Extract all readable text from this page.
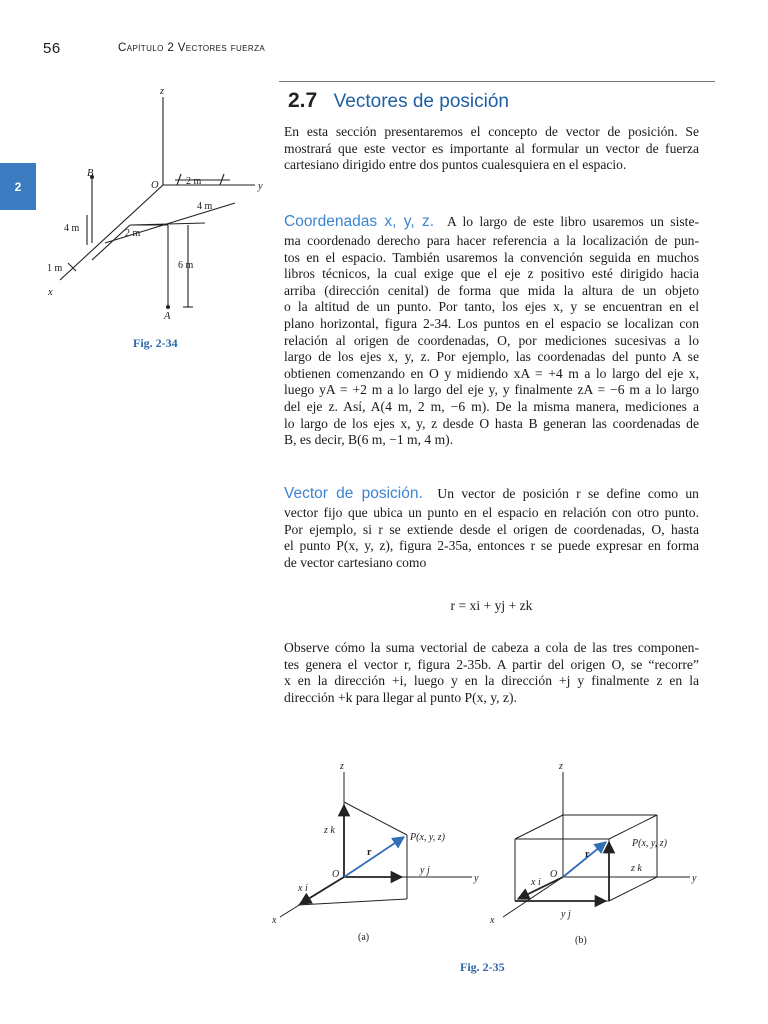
56	Capítulo 2 Vectores fuerza
2
2.7 Vectores de posición
En esta sección presentaremos el concepto de vector de posición. Se
mostrará que este vector es importante al formular un vector de fuerza
cartesiano dirigido entre dos puntos cualesquiera en el espacio.
Coordenadas x, y, z. A lo largo de este libro usaremos un siste-
ma coordenado derecho para hacer referencia a la localización de pun-
tos en el espacio. También usaremos la convención seguida en muchos
libros técnicos, la cual exige que el eje z positivo esté dirigido hacia
arriba (dirección cenital) de forma que mida la altura de un objeto
o la altitud de un punto. Por tanto, los ejes x, y se encuentran en el
plano horizontal, figura 2-34. Los puntos en el espacio se localizan con
relación al origen de coordenadas, O, por mediciones sucesivas a lo
largo de los ejes x, y, z. Por ejemplo, las coordenadas del punto A se
obtienen comenzando en O y midiendo xA = +4 m a lo largo del eje x,
luego yA = +2 m a lo largo del eje y, y finalmente zA = −6 m a lo largo
del eje z. Así, A(4 m, 2 m, −6 m). De la misma manera, mediciones a
lo largo de los ejes x, y, z desde O hasta B generan las coordenadas de
B, es decir, B(6 m, −1 m, 4 m).
Vector de posición. Un vector de posición r se define como un
vector fijo que ubica un punto en el espacio en relación con otro punto.
Por ejemplo, si r se extiende desde el origen de coordenadas, O, hasta
el punto P(x, y, z), figura 2-35a, entonces r se puede expresar en forma
de vector cartesiano como
r = xi + yj + zk
Observe cómo la suma vectorial de cabeza a cola de las tres componen-
tes genera el vector r, figura 2-35b. A partir del origen O, se “recorre”
x en la dirección +i, luego y en la dirección +j y finalmente z en la
dirección +k para llegar al punto P(x, y, z).
z
y
x
O
B
A
2 m
4 m
4 m	2 m
1 m	6 m
Fig. 2-34
z
y
x
O
r
P(x, y, z)
z k
y j
x i
(a)
z
y
x
O
r
P(x, y, z)
z k
y j
x i
(b)
Fig. 2-35
